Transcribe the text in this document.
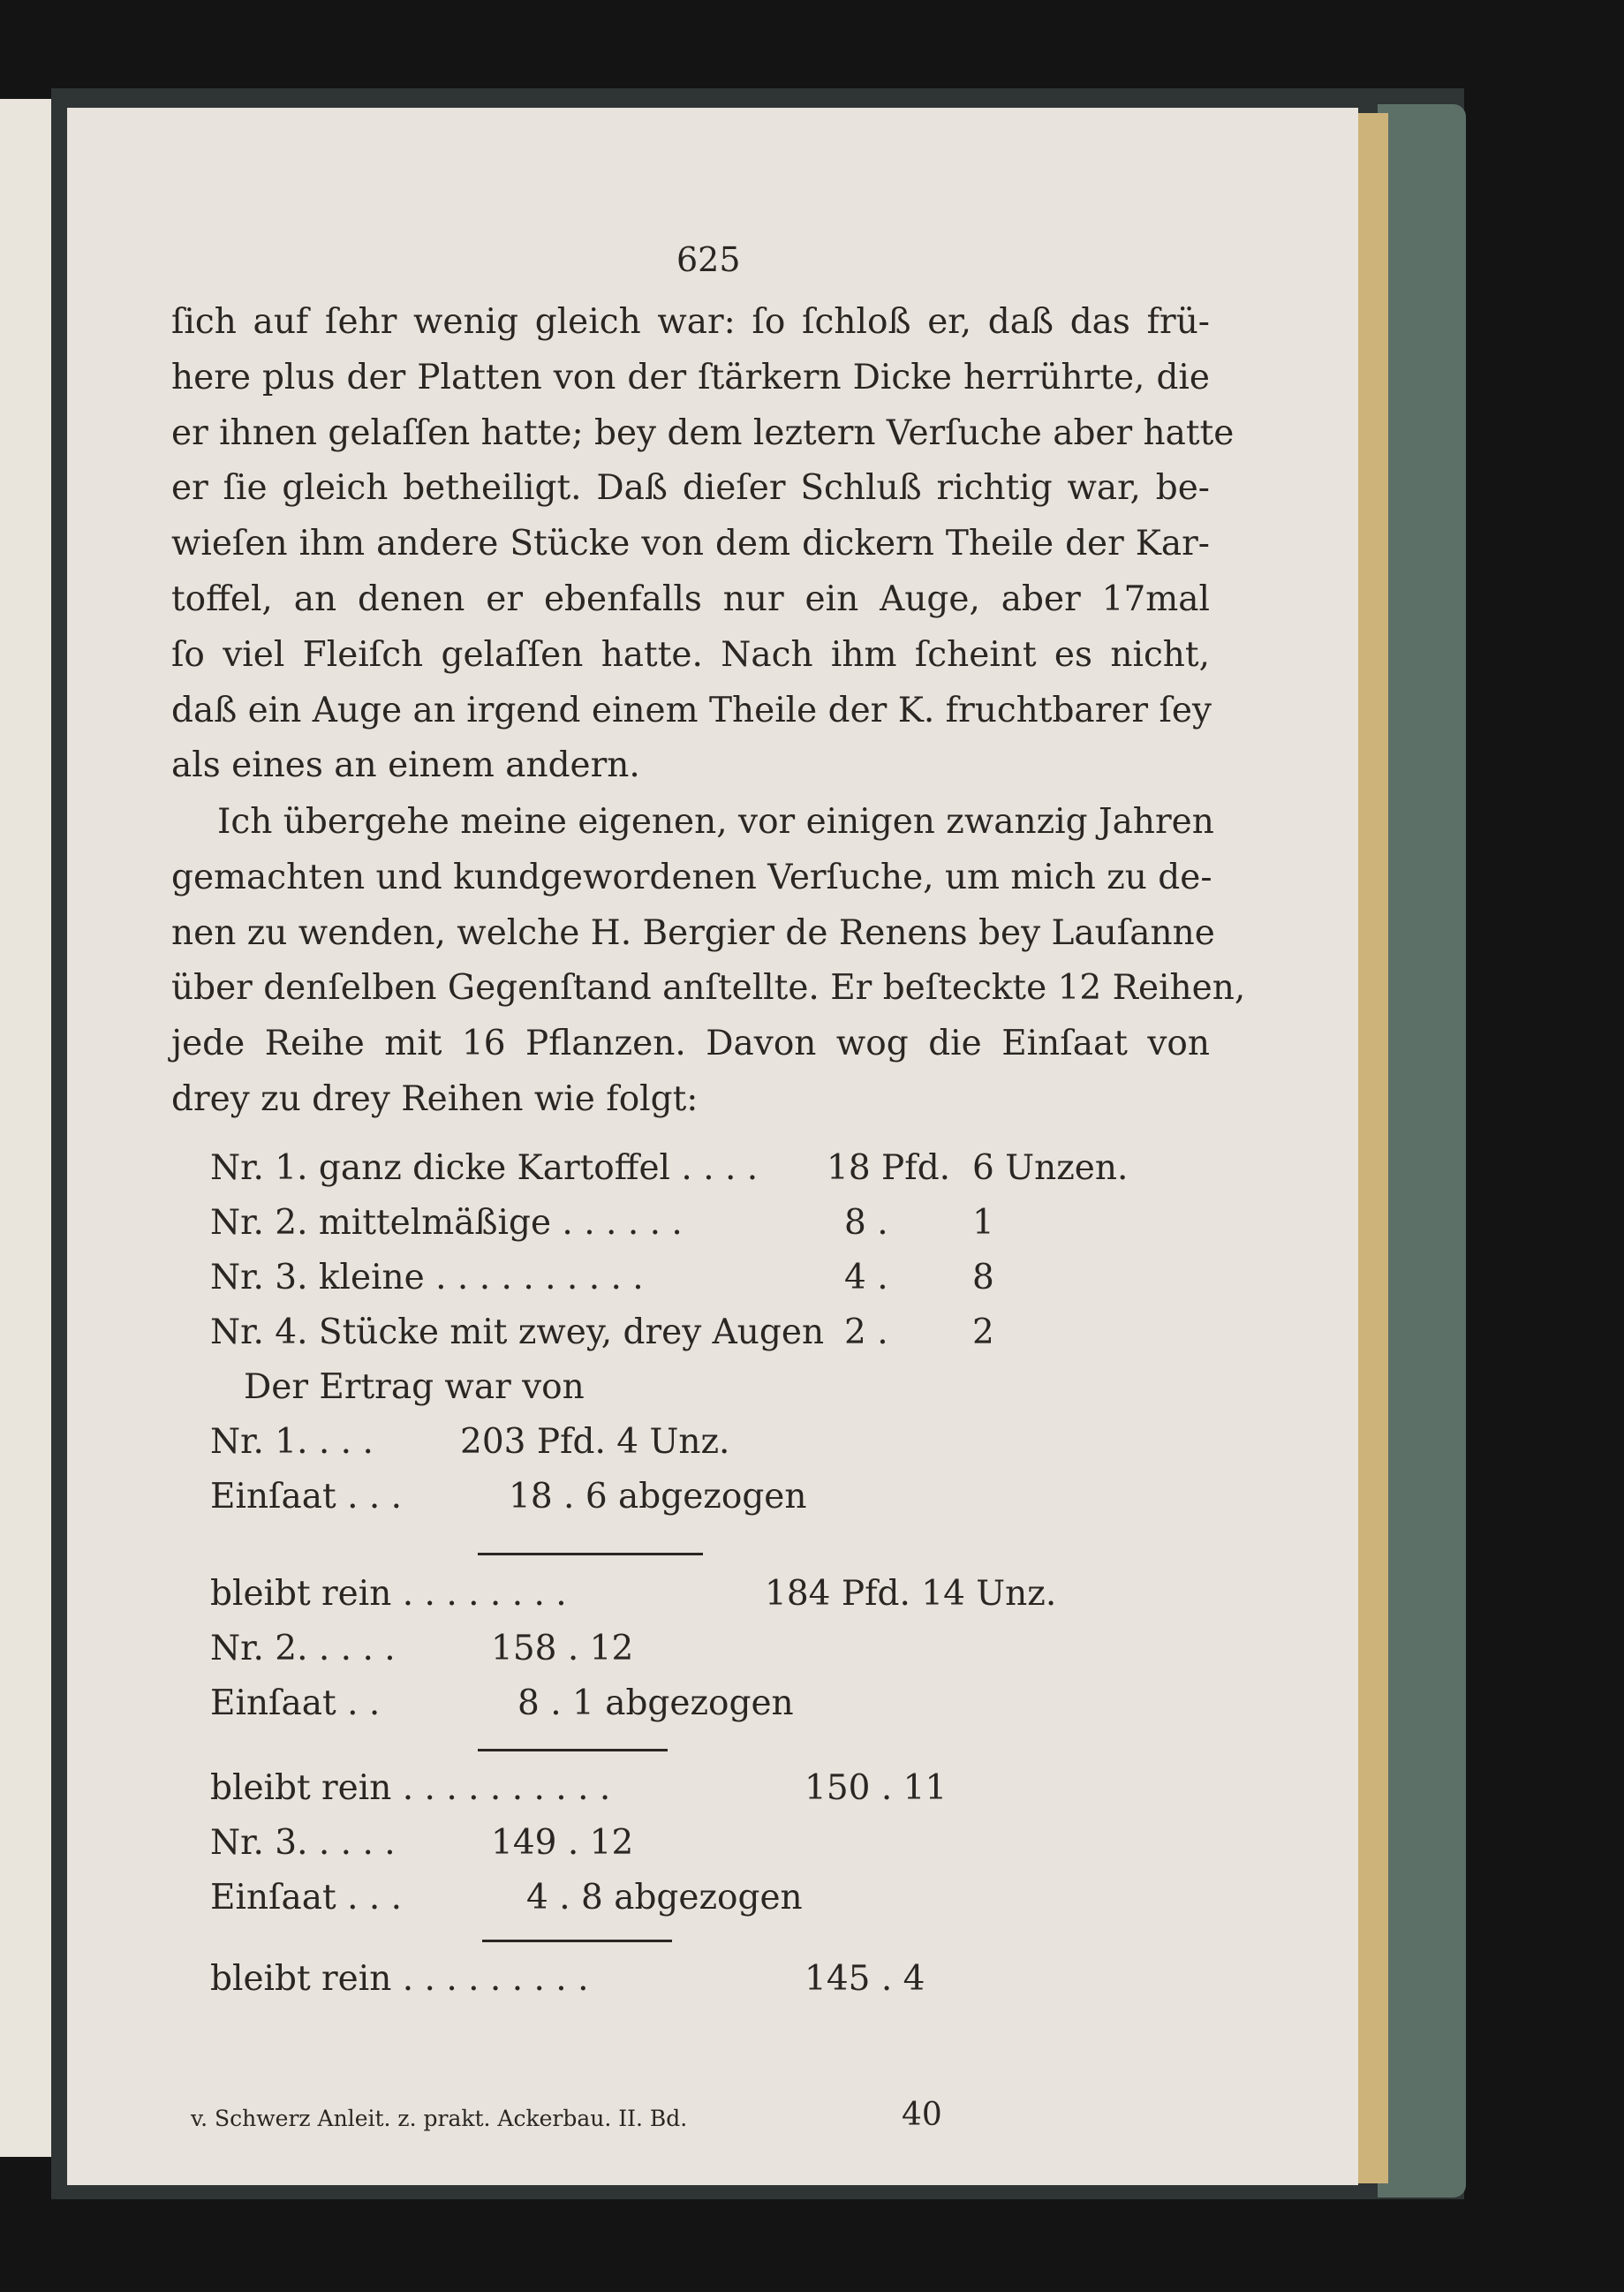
625
ſich auf ſehr wenig gleich war: ſo ſchloß er, daß das frü-
here plus der Platten von der ſtärkern Dicke herrührte, die
er ihnen gelaſſen hatte; bey dem leztern Verſuche aber hatte
er ſie gleich betheiligt. Daß dieſer Schluß richtig war, be-
wieſen ihm andere Stücke von dem dickern Theile der Kar-
toffel, an denen er ebenfalls nur ein Auge, aber 17mal
ſo viel Fleiſch gelaſſen hatte. Nach ihm ſcheint es nicht,
daß ein Auge an irgend einem Theile der K. fruchtbarer ſey
als eines an einem andern.
Ich übergehe meine eigenen, vor einigen zwanzig Jahren
gemachten und kundgewordenen Verſuche, um mich zu de-
nen zu wenden, welche H. Bergier de Renens bey Lauſanne
über denſelben Gegenſtand anſtellte. Er beſteckte 12 Reihen,
jede Reihe mit 16 Pflanzen. Davon wog die Einſaat von
drey zu drey Reihen wie folgt:
Nr. 1. ganz dicke Kartoffel . . . . 18 Pfd. 6 Unzen.
Nr. 2. mittelmäßige . . . . . .	8 . 1
Nr. 3. kleine . . . . . . . . . .	4 . 8
Nr. 4. Stücke mit zwey, drey Augen 2 . 2
Der Ertrag war von
Nr. 1. . . .	203 Pfd. 4 Unz.
Einſaat . . .	18 . 6 abgezogen
bleibt rein . . . . . . . .	184 Pfd. 14 Unz.
Nr. 2. . . . .	158 . 12
Einſaat . .	8 . 1 abgezogen
bleibt rein . . . . . . . . . .	150 . 11
Nr. 3. . . . .	149 . 12
Einſaat . . .	4 . 8 abgezogen
bleibt rein . . . . . . . . .	145 . 4
v. Schwerz Anleit. z. prakt. Ackerbau. II. Bd.	40
